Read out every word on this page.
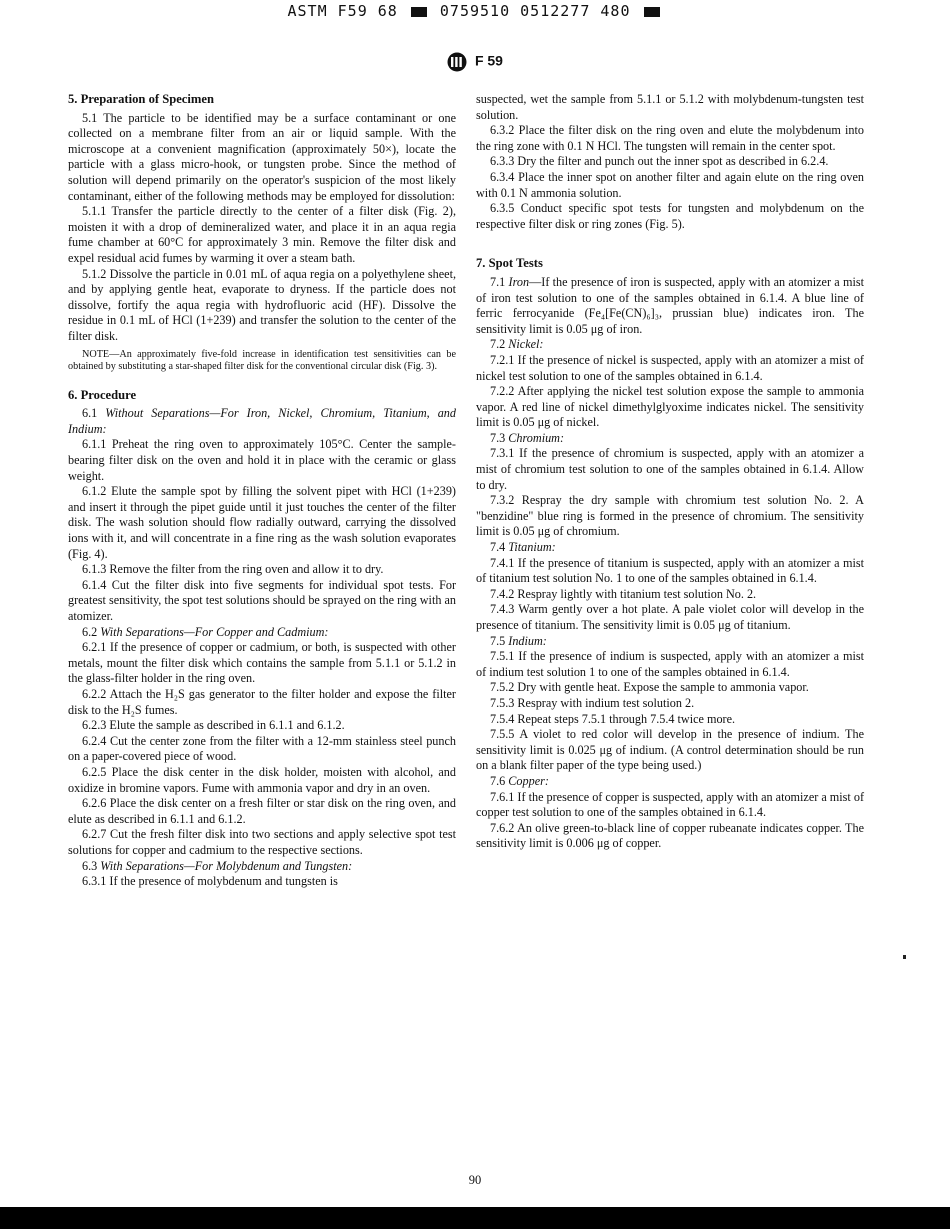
ASTM F59 68	0759510 0512277 480
F 59
5. Preparation of Specimen

5.1 The particle to be identified may be a surface contaminant or one collected on a membrane filter from an air or liquid sample. With the microscope at a convenient magnification (approximately 50×), locate the particle with a glass micro-hook, or tungsten probe. Since the method of solution will depend primarily on the operator's suspicion of the most likely contaminant, either of the following methods may be employed for dissolution:

5.1.1 Transfer the particle directly to the center of a filter disk (Fig. 2), moisten it with a drop of demineralized water, and place it in an aqua regia fume chamber at 60°C for approximately 3 min. Remove the filter disk and expel residual acid fumes by warming it over a steam bath.

5.1.2 Dissolve the particle in 0.01 mL of aqua regia on a polyethylene sheet, and by applying gentle heat, evaporate to dryness. If the particle does not dissolve, fortify the aqua regia with hydrofluoric acid (HF). Dissolve the residue in 0.1 mL of HCl (1+239) and transfer the solution to the center of the filter disk.

NOTE—An approximately five-fold increase in identification test sensitivities can be obtained by substituting a star-shaped filter disk for the conventional circular disk (Fig. 3).
6. Procedure

6.1 Without Separations—For Iron, Nickel, Chromium, Titanium, and Indium:

6.1.1 Preheat the ring oven to approximately 105°C. Center the sample-bearing filter disk on the oven and hold it in place with the ceramic or glass weight.

6.1.2 Elute the sample spot by filling the solvent pipet with HCl (1+239) and insert it through the pipet guide until it just touches the center of the filter disk. The wash solution should flow radially outward, carrying the dissolved ions with it, and will concentrate in a fine ring as the wash solution evaporates (Fig. 4).

6.1.3 Remove the filter from the ring oven and allow it to dry.

6.1.4 Cut the filter disk into five segments for individual spot tests. For greatest sensitivity, the spot test solutions should be sprayed on the ring with an atomizer.

6.2 With Separations—For Copper and Cadmium:

6.2.1 If the presence of copper or cadmium, or both, is suspected with other metals, mount the filter disk which contains the sample from 5.1.1 or 5.1.2 in the glass-filter holder in the ring oven.

6.2.2 Attach the H₂S gas generator to the filter holder and expose the filter disk to the H₂S fumes.

6.2.3 Elute the sample as described in 6.1.1 and 6.1.2.

6.2.4 Cut the center zone from the filter with a 12-mm stainless steel punch on a paper-covered piece of wood.

6.2.5 Place the disk center in the disk holder, moisten with alcohol, and oxidize in bromine vapors. Fume with ammonia vapor and dry in an oven.

6.2.6 Place the disk center on a fresh filter or star disk on the ring oven, and elute as described in 6.1.1 and 6.1.2.

6.2.7 Cut the fresh filter disk into two sections and apply selective spot test solutions for copper and cadmium to the respective sections.

6.3 With Separations—For Molybdenum and Tungsten:

6.3.1 If the presence of molybdenum and tungsten is

suspected, wet the sample from 5.1.1 or 5.1.2 with molybdenum-tungsten test solution.

6.3.2 Place the filter disk on the ring oven and elute the molybdenum into the ring zone with 0.1 N HCl. The tungsten will remain in the center spot.

6.3.3 Dry the filter and punch out the inner spot as described in 6.2.4.

6.3.4 Place the inner spot on another filter and again elute on the ring oven with 0.1 N ammonia solution.

6.3.5 Conduct specific spot tests for tungsten and molybdenum on the respective filter disk or ring zones (Fig. 5).

7. Spot Tests

7.1 Iron—If the presence of iron is suspected, apply with an atomizer a mist of iron test solution to one of the samples obtained in 6.1.4. A blue line of ferric ferrocyanide (Fe₄[Fe(CN)₆]₃, prussian blue) indicates iron. The sensitivity limit is 0.05 μg of iron.

7.2 Nickel:

7.2.1 If the presence of nickel is suspected, apply with an atomizer a mist of nickel test solution to one of the samples obtained in 6.1.4.

7.2.2 After applying the nickel test solution expose the sample to ammonia vapor. A red line of nickel dimethylglyoxime indicates nickel. The sensitivity limit is 0.05 μg of nickel.

7.3 Chromium:

7.3.1 If the presence of chromium is suspected, apply with an atomizer a mist of chromium test solution to one of the samples obtained in 6.1.4. Allow to dry.

7.3.2 Respray the dry sample with chromium test solution No. 2. A "benzidine" blue ring is formed in the presence of chromium. The sensitivity limit is 0.05 μg of chromium.

7.4 Titanium:

7.4.1 If the presence of titanium is suspected, apply with an atomizer a mist of titanium test solution No. 1 to one of the samples obtained in 6.1.4.

7.4.2 Respray lightly with titanium test solution No. 2.

7.4.3 Warm gently over a hot plate. A pale violet color will develop in the presence of titanium. The sensitivity limit is 0.05 μg of titanium.

7.5 Indium:

7.5.1 If the presence of indium is suspected, apply with an atomizer a mist of indium test solution 1 to one of the samples obtained in 6.1.4.

7.5.2 Dry with gentle heat. Expose the sample to ammonia vapor.

7.5.3 Respray with indium test solution 2.

7.5.4 Repeat steps 7.5.1 through 7.5.4 twice more.

7.5.5 A violet to red color will develop in the presence of indium. The sensitivity limit is 0.025 μg of indium. (A control determination should be run on a blank filter paper of the type being used.)

7.6 Copper:

7.6.1 If the presence of copper is suspected, apply with an atomizer a mist of copper test solution to one of the samples obtained in 6.1.4.

7.6.2 An olive green-to-black line of copper rubeanate indicates copper. The sensitivity limit is 0.006 μg of copper.

90
